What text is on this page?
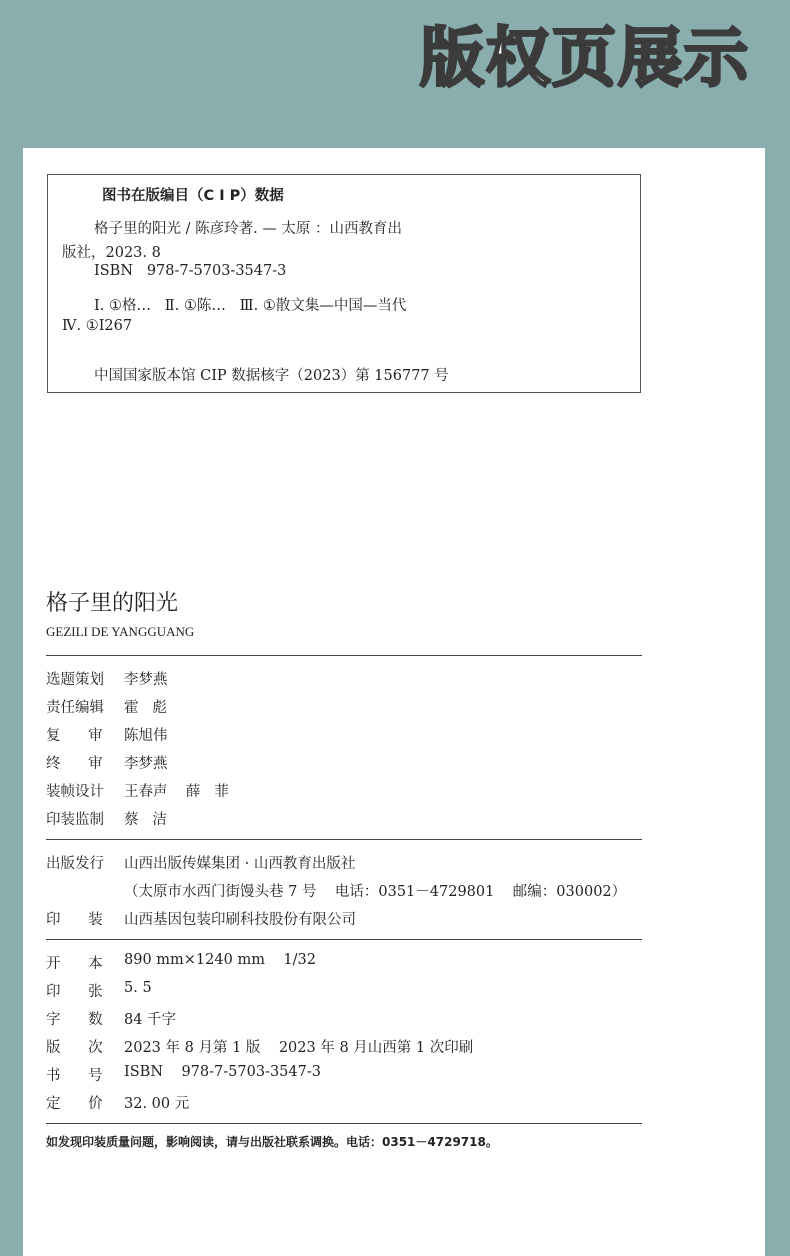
版权页展示
图书在版编目（C I P）数据
格子里的阳光 / 陈彦玲著. — 太原 ：山西教育出
版社，2023. 8
ISBN   978-7-5703-3547-3
Ⅰ. ①格…   Ⅱ. ①陈…   Ⅲ. ①散文集—中国—当代
Ⅳ. ①I267
中国国家版本馆 CIP 数据核字（2023）第 156777 号
格子里的阳光
GEZILI DE YANGGUANG
选题策划 李梦燕
责任编辑 霍   彪
复      审 陈旭伟
终      审 李梦燕
装帧设计 王春声    薛   菲
印装监制 蔡   洁
出版发行 山西出版传媒集团 · 山西教育出版社
（太原市水西门街馒头巷 7 号    电话：0351－4729801    邮编：030002）
印      装 山西基因包装印刷科技股份有限公司
开      本 890 mm×1240 mm    1/32
印      张 5. 5
字      数 84 千字
版      次 2023 年 8 月第 1 版    2023 年 8 月山西第 1 次印刷
书      号 ISBN    978-7-5703-3547-3
定      价 32. 00 元
如发现印装质量问题，影响阅读，请与出版社联系调换。电话：0351－4729718。
